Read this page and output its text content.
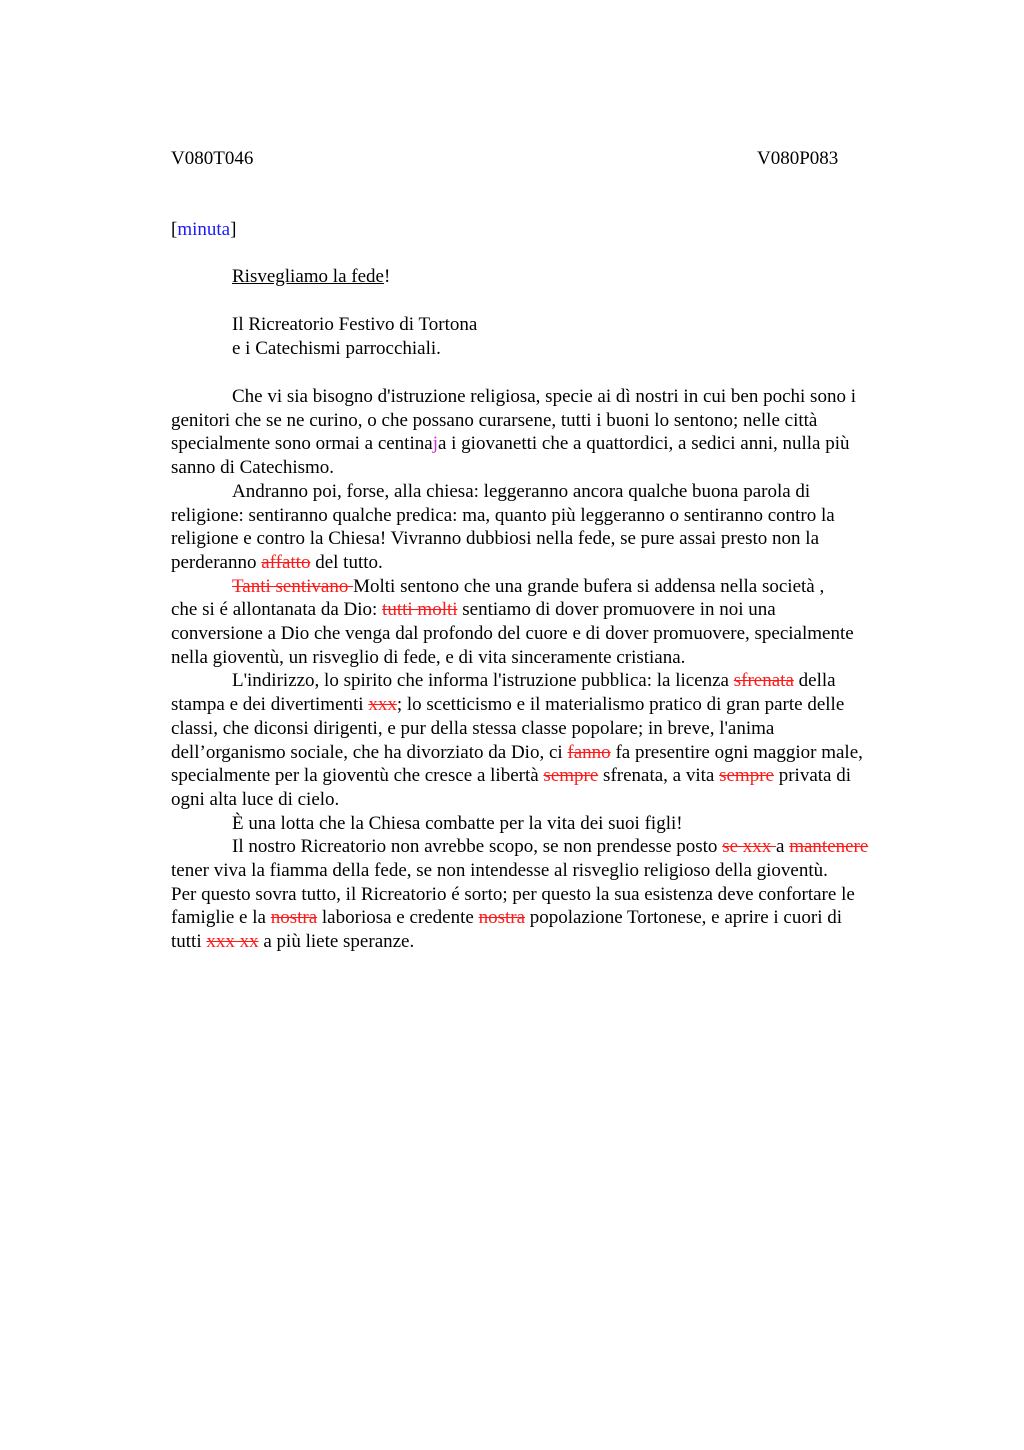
V080T046	V080P083
[minuta]
Risvegliamo la fede!
Il Ricreatorio Festivo di Tortona
e i Catechismi parrocchiali.
Che vi sia bisogno d'istruzione religiosa, specie ai dì nostri in cui ben pochi sono i
genitori che se ne curino, o che possano curarsene, tutti i buoni lo sentono; nelle città
specialmente sono ormai a centinaja i giovanetti che a quattordici, a sedici anni, nulla più
sanno di Catechismo.
Andranno poi, forse, alla chiesa: leggeranno ancora qualche buona parola di
religione: sentiranno qualche predica: ma, quanto più leggeranno o sentiranno contro la
religione e contro la Chiesa! Vivranno dubbiosi nella fede, se pure assai presto non la
perderanno affatto del tutto.
Tanti sentivano Molti sentono che una grande bufera si addensa nella società ,
che si é allontanata da Dio: tutti molti sentiamo di dover promuovere in noi una
conversione a Dio che venga dal profondo del cuore e di dover promuovere, specialmente
nella gioventù, un risveglio di fede, e di vita sinceramente cristiana.
L'indirizzo, lo spirito che informa l'istruzione pubblica: la licenza sfrenata della
stampa e dei divertimenti xxx; lo scetticismo e il materialismo pratico di gran parte delle
classi, che diconsi dirigenti, e pur della stessa classe popolare; in breve, l'anima
dell’organismo sociale, che ha divorziato da Dio, ci fanno fa presentire ogni maggior male,
specialmente per la gioventù che cresce a libertà sempre sfrenata, a vita sempre privata di
ogni alta luce di cielo.
È una lotta che la Chiesa combatte per la vita dei suoi figli!
Il nostro Ricreatorio non avrebbe scopo, se non prendesse posto se xxx a mantenere
tener viva la fiamma della fede, se non intendesse al risveglio religioso della gioventù.
Per questo sovra tutto, il Ricreatorio é sorto; per questo la sua esistenza deve confortare le
famiglie e la nostra laboriosa e credente nostra popolazione Tortonese, e aprire i cuori di
tutti xxx xx a più liete speranze.
